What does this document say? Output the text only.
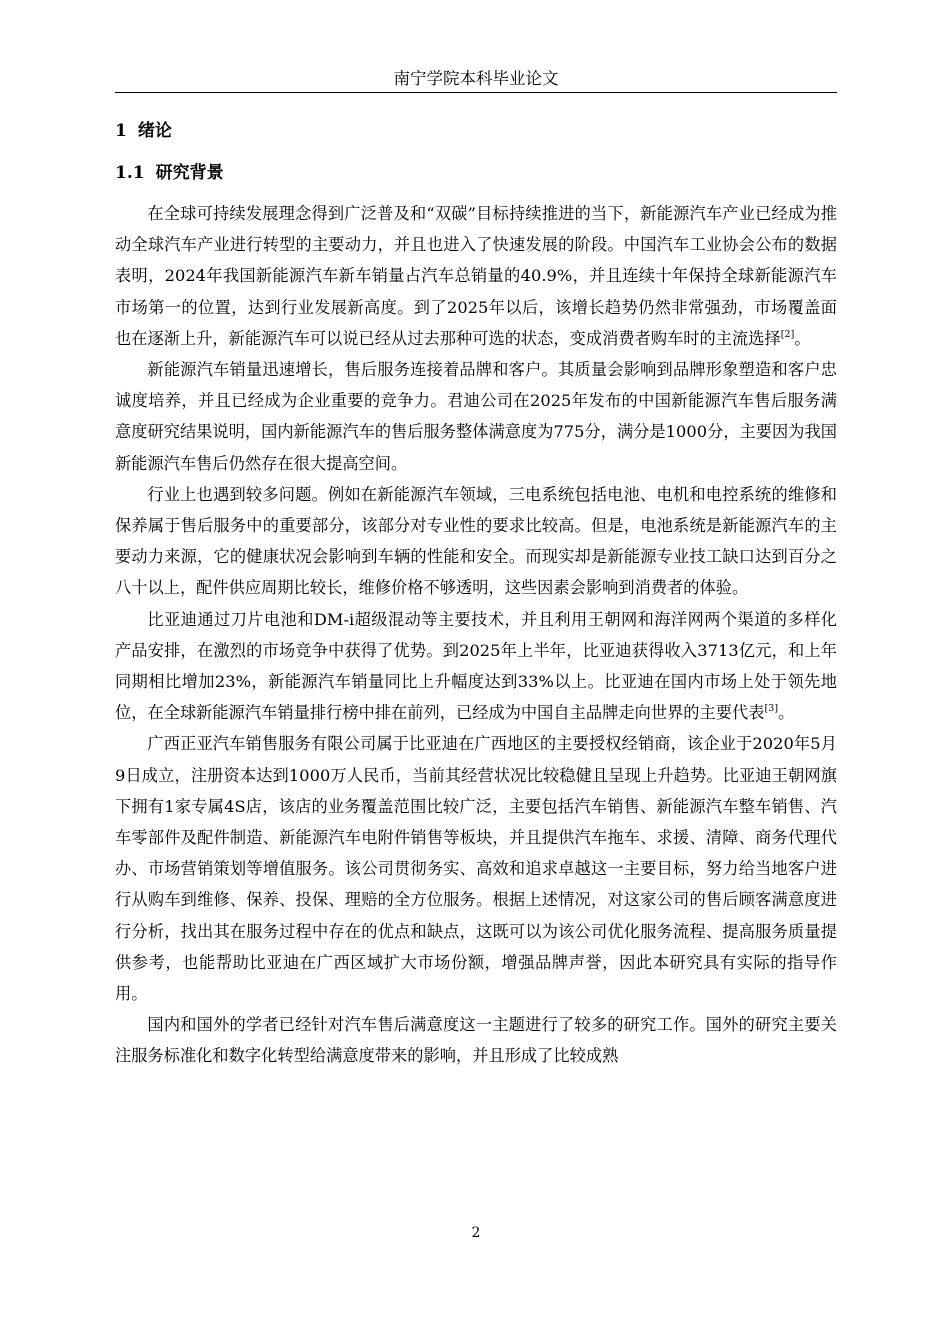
南宁学院本科毕业论文
1 绪论
1.1 研究背景

在全球可持续发展理念得到广泛普及和“双碳”目标持续推进的当下，新能源汽车产业已经成为推动全球汽车产业进行转型的主要动力，并且也进入了快速发展的阶段。中国汽车工业协会公布的数据表明，2024年我国新能源汽车新车销量占汽车总销量的40.9%，并且连续十年保持全球新能源汽车市场第一的位置，达到行业发展新高度。到了2025年以后，该增长趋势仍然非常强劲，市场覆盖面也在逐渐上升，新能源汽车可以说已经从过去那种可选的状态，变成消费者购车时的主流选择[2]。

新能源汽车销量迅速增长，售后服务连接着品牌和客户。其质量会影响到品牌形象塑造和客户忠诚度培养，并且已经成为企业重要的竞争力。君迪公司在2025年发布的中国新能源汽车售后服务满意度研究结果说明，国内新能源汽车的售后服务整体满意度为775分，满分是1000分，主要因为我国新能源汽车售后仍然存在很大提高空间。

行业上也遇到较多问题。例如在新能源汽车领域，三电系统包括电池、电机和电控系统的维修和保养属于售后服务中的重要部分，该部分对专业性的要求比较高。但是，电池系统是新能源汽车的主要动力来源，它的健康状况会影响到车辆的性能和安全。而现实却是新能源专业技工缺口达到百分之八十以上，配件供应周期比较长，维修价格不够透明，这些因素会影响到消费者的体验。

比亚迪通过刀片电池和DM-i超级混动等主要技术，并且利用王朝网和海洋网两个渠道的多样化产品安排，在激烈的市场竞争中获得了优势。到2025年上半年，比亚迪获得收入3713亿元，和上年同期相比增加23%，新能源汽车销量同比上升幅度达到33%以上。比亚迪在国内市场上处于领先地位，在全球新能源汽车销量排行榜中排在前列，已经成为中国自主品牌走向世界的主要代表[3]。

广西正亚汽车销售服务有限公司属于比亚迪在广西地区的主要授权经销商，该企业于2020年5月9日成立，注册资本达到1000万人民币，当前其经营状况比较稳健且呈现上升趋势。比亚迪王朝网旗下拥有1家专属4S店，该店的业务覆盖范围比较广泛，主要包括汽车销售、新能源汽车整车销售、汽车零部件及配件制造、新能源汽车电附件销售等板块，并且提供汽车拖车、求援、清障、商务代理代办、市场营销策划等增值服务。该公司贯彻务实、高效和追求卓越这一主要目标，努力给当地客户进行从购车到维修、保养、投保、理赔的全方位服务。根据上述情况，对这家公司的售后顾客满意度进行分析，找出其在服务过程中存在的优点和缺点，这既可以为该公司优化服务流程、提高服务质量提供参考，也能帮助比亚迪在广西区域扩大市场份额，增强品牌声誉，因此本研究具有实际的指导作用。

国内和国外的学者已经针对汽车售后满意度这一主题进行了较多的研究工作。国外的研究主要关注服务标准化和数字化转型给满意度带来的影响，并且形成了比较成熟

2
